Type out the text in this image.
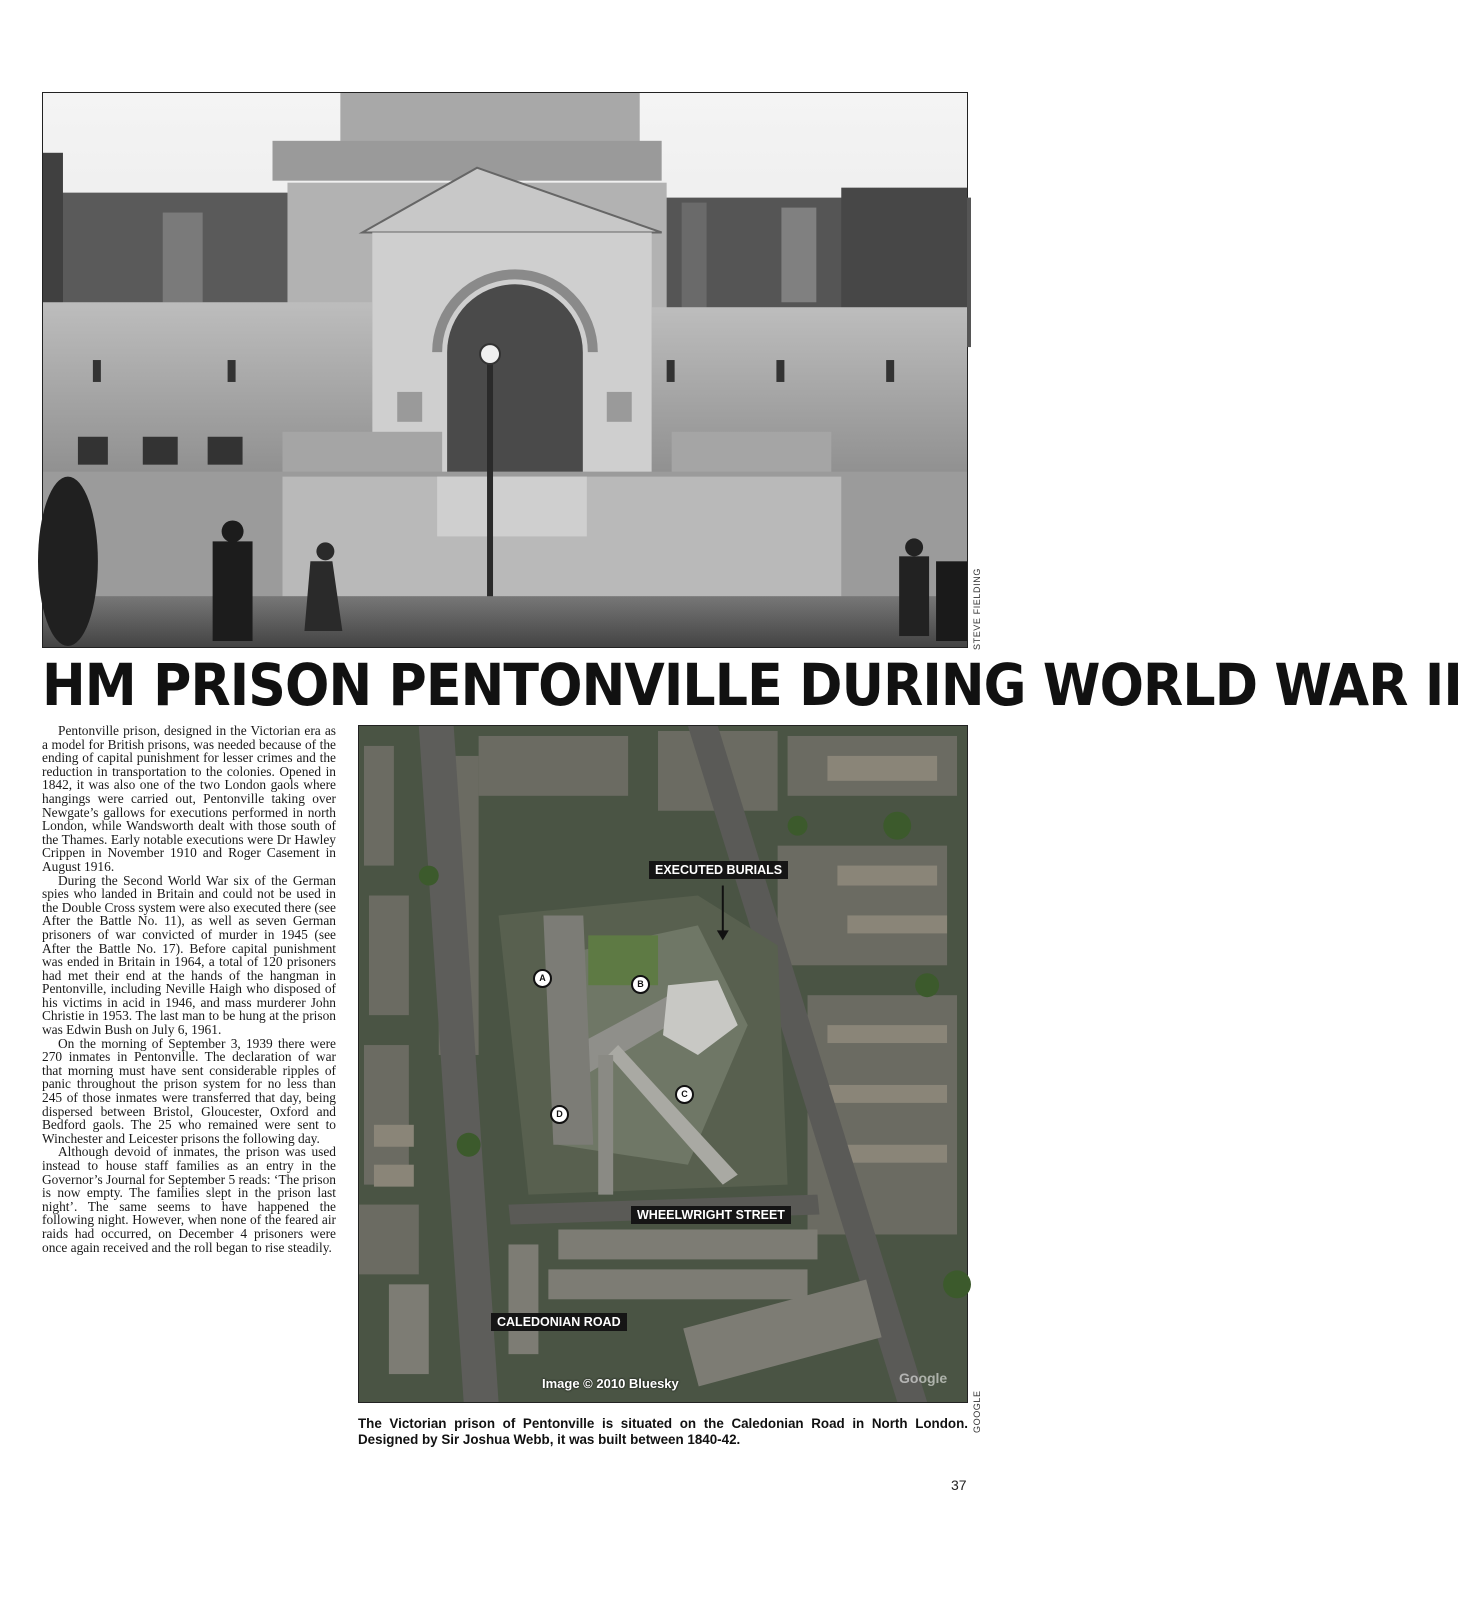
STEVE FIELDING
HM PRISON PENTONVILLE DURING WORLD WAR II

Pentonville prison, designed in the Victorian era as a model for British prisons, was needed because of the ending of capital punishment for lesser crimes and the reduction in transportation to the colonies. Opened in 1842, it was also one of the two London gaols where hangings were carried out, Pentonville taking over Newgate’s gallows for executions performed in north London, while Wandsworth dealt with those south of the Thames. Early notable executions were Dr Hawley Crippen in November 1910 and Roger Casement in August 1916.

During the Second World War six of the German spies who landed in Britain and could not be used in the Double Cross system were also executed there (see After the Battle No. 11), as well as seven German prisoners of war convicted of murder in 1945 (see After the Battle No. 17). Before capital punishment was ended in Britain in 1964, a total of 120 prisoners had met their end at the hands of the hangman in Pentonville, including Neville Haigh who disposed of his victims in acid in 1946, and mass murderer John Christie in 1953. The last man to be hung at the prison was Edwin Bush on July 6, 1961.

On the morning of September 3, 1939 there were 270 inmates in Pentonville. The declaration of war that morning must have sent considerable ripples of panic throughout the prison system for no less than 245 of those inmates were transferred that day, being dispersed between Bristol, Gloucester, Oxford and Bedford gaols. The 25 who remained were sent to Winchester and Leicester prisons the following day.

Although devoid of inmates, the prison was used instead to house staff families as an entry in the Governor’s Journal for September 5 reads: ‘The prison is now empty. The families slept in the prison last night’. The same seems to have happened the following night. However, when none of the feared air raids had occurred, on December 4 prisoners were once again received and the roll began to rise steadily.

EXECUTED BURIALS
WHEELWRIGHT STREET
CALEDONIAN ROAD
A
B
C
D
Image © 2010 Bluesky	Google
GOOGLE
The Victorian prison of Pentonville is situated on the Caledonian Road in North London. Designed by Sir Joshua Webb, it was built between 1840-42.
37
